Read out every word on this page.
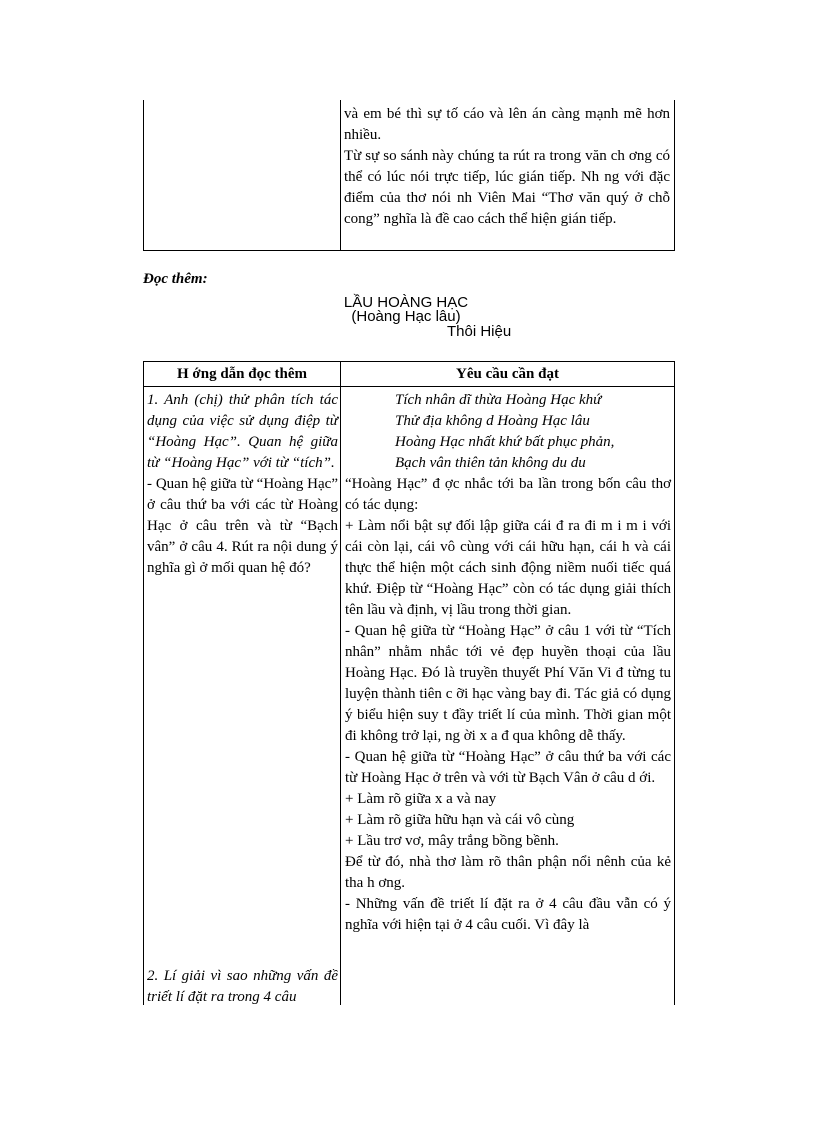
và em bé thì sự tố cáo và lên án càng mạnh mẽ hơn nhiều.

Từ sự so sánh này chúng ta rút ra trong văn ch ơng có thể có lúc nói trực tiếp, lúc gián tiếp. Nh ng với đặc điểm của thơ nói nh Viên Mai “Thơ văn quý ở chỗ cong” nghĩa là đề cao cách thể hiện gián tiếp.

Đọc thêm:
LẦU HOÀNG HẠC
(Hoàng Hạc lâu)
Thôi Hiệu
H ớng dẫn đọc thêm	Yêu cầu cần đạt

1. Anh (chị) thử phân tích tác dụng của việc sử dụng điệp từ “Hoàng Hạc”. Quan hệ giữa từ “Hoàng Hạc” với từ “tích”.

- Quan hệ giữa từ “Hoàng Hạc” ở câu thứ ba với các từ Hoàng Hạc ở câu trên và từ “Bạch vân” ở câu 4. Rút ra nội dung ý nghĩa gì ở mối quan hệ đó?

2. Lí giải vì sao những vấn đề triết lí đặt ra trong 4 câu

Tích nhân dĩ thừa Hoàng Hạc khứ
Thử địa không d Hoàng Hạc lâu
Hoàng Hạc nhất khứ bất phục phản,
Bạch vân thiên tản không du du

“Hoàng Hạc” đ ợc nhắc tới ba lần trong bốn câu thơ có tác dụng:

+ Làm nổi bật sự đối lập giữa cái đ ra đi m i m i với cái còn lại, cái vô cùng với cái hữu hạn, cái h và cái thực thể hiện một cách sinh động niềm nuối tiếc quá khứ. Điệp từ “Hoàng Hạc” còn có tác dụng giải thích tên lầu và định, vị lầu trong thời gian.

- Quan hệ giữa từ “Hoàng Hạc” ở câu 1 với từ “Tích nhân” nhằm nhắc tới vẻ đẹp huyền thoại của lầu Hoàng Hạc. Đó là truyền thuyết Phí Văn Vi đ từng tu luyện thành tiên c ỡi hạc vàng bay đi. Tác giả có dụng ý biểu hiện suy t đầy triết lí của mình. Thời gian một đi không trở lại, ng ời x a đ qua không dễ thấy.

- Quan hệ giữa từ “Hoàng Hạc” ở câu thứ ba với các từ Hoàng Hạc ở trên và với từ Bạch Vân ở câu d ới.

+ Làm rõ giữa x a và nay

+ Làm rõ giữa hữu hạn và cái vô cùng

+ Lầu trơ vơ, mây trắng bồng bềnh.

Để từ đó, nhà thơ làm rõ thân phận nổi nênh của kẻ tha h ơng.

- Những vấn đề triết lí đặt ra ở 4 câu đầu vẫn có ý nghĩa với hiện tại ở 4 câu cuối. Vì đây là
